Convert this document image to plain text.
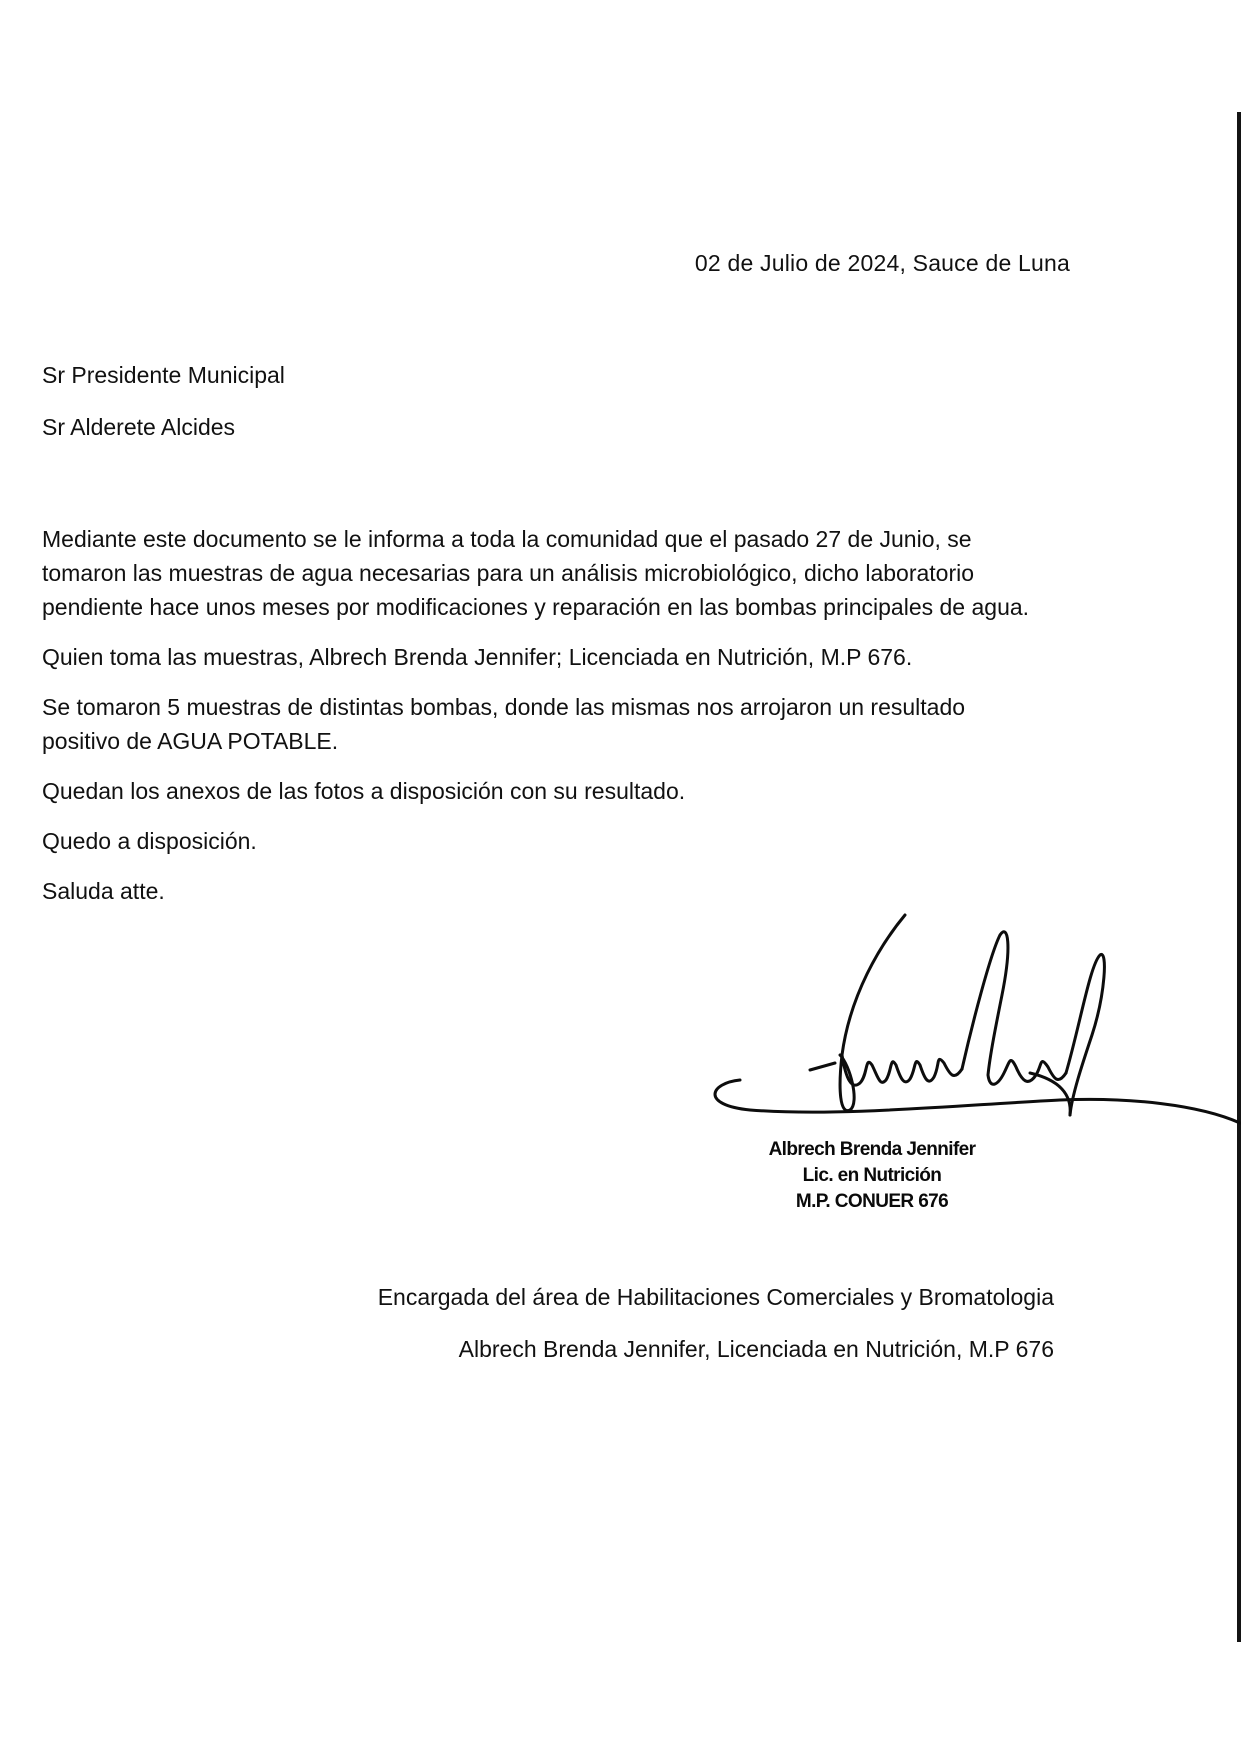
02 de Julio de 2024, Sauce de Luna
Sr Presidente Municipal
Sr Alderete Alcides

Mediante este documento se le informa a toda la comunidad que el pasado 27 de Junio, se tomaron las muestras de agua necesarias para un análisis microbiológico, dicho laboratorio pendiente hace unos meses por modificaciones y reparación en las bombas principales de agua.

Quien toma las muestras, Albrech Brenda Jennifer; Licenciada en Nutrición, M.P 676.

Se tomaron 5 muestras de distintas bombas, donde las mismas nos arrojaron un resultado positivo de AGUA POTABLE.

Quedan los anexos de las fotos a disposición con su resultado.

Quedo a disposición.

Saluda atte.

Albrech Brenda Jennifer
Lic. en Nutrición
M.P. CONUER 676
Encargada del área de Habilitaciones Comerciales y Bromatologia
Albrech Brenda Jennifer, Licenciada en Nutrición, M.P 676
